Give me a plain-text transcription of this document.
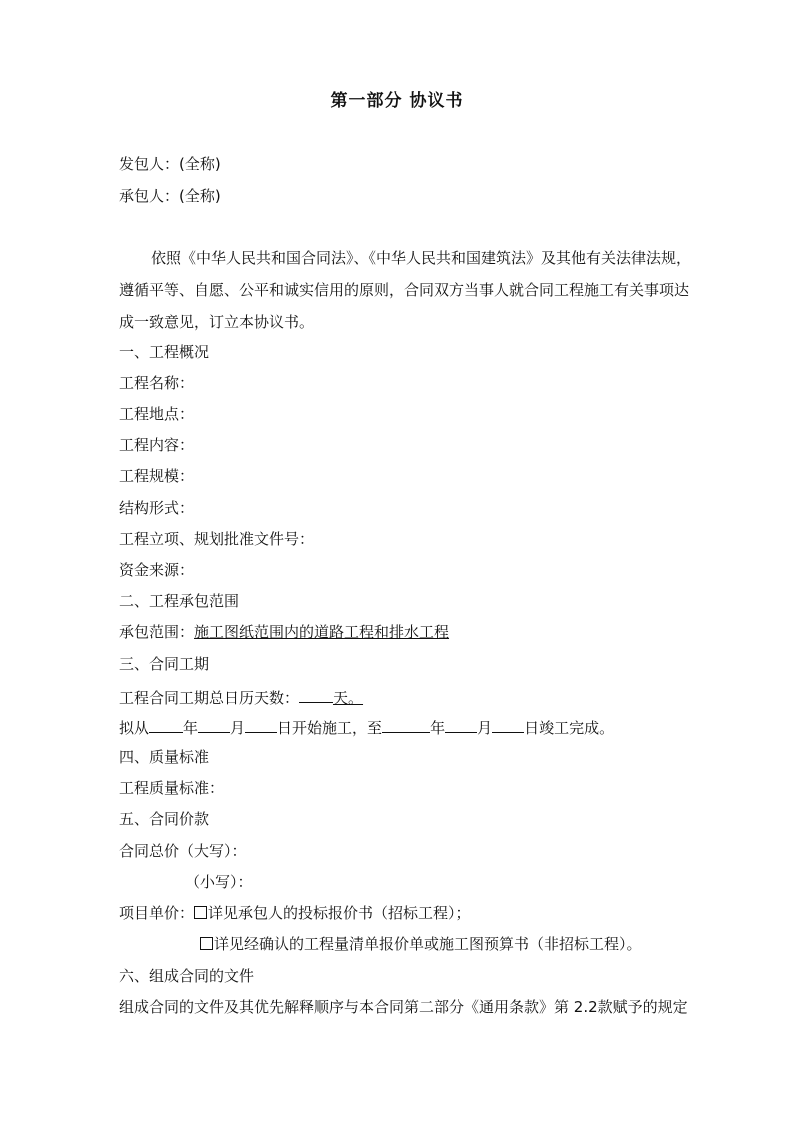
第一部分 协议书
发包人：(全称)
承包人：(全称)
依照《中华人民共和国合同法》、《中华人民共和国建筑法》及其他有关法律法规，
遵循平等、自愿、公平和诚实信用的原则，合同双方当事人就合同工程施工有关事项达
成一致意见，订立本协议书。
一、工程概况
工程名称：
工程地点：
工程内容：
工程规模：
结构形式：
工程立项、规划批准文件号：
资金来源：
二、工程承包范围
承包范围：施工图纸范围内的道路工程和排水工程
三、合同工期
工程合同工期总日历天数： 天。
拟从 年 月 日开始施工，至	年 月 日竣工完成。
四、质量标准
工程质量标准：
五、合同价款
合同总价（大写）：
（小写）：
项目单价： 详见承包人的投标报价书（招标工程）；
详见经确认的工程量清单报价单或施工图预算书（非招标工程）。
六、组成合同的文件
组成合同的文件及其优先解释顺序与本合同第二部分《通用条款》第 2.2款赋予的规定
